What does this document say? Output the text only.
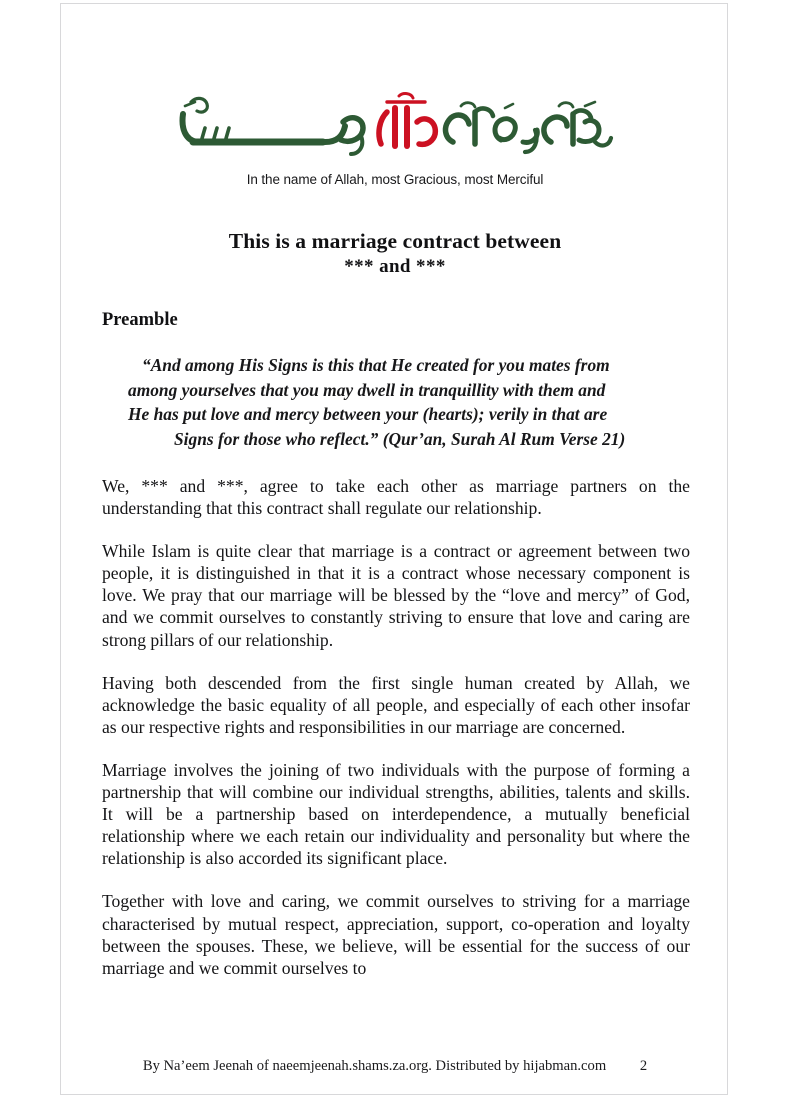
In the name of Allah, most Gracious, most Merciful
This is a marriage contract between
*** and ***
Preamble
“And among His Signs is this that He created for you mates from
among yourselves that you may dwell in tranquillity with them and
He has put love and mercy between your (hearts); verily in that are
Signs for those who reflect.” (Qur’an, Surah Al Rum Verse 21)

We, *** and ***, agree to take each other as marriage partners on the understanding that this contract shall regulate our relationship.

While Islam is quite clear that marriage is a contract or agreement between two people, it is distinguished in that it is a contract whose necessary component is love. We pray that our marriage will be blessed by the “love and mercy” of God, and we commit ourselves to constantly striving to ensure that love and caring are strong pillars of our relationship.

Having both descended from the first single human created by Allah, we acknowledge the basic equality of all people, and especially of each other insofar as our respective rights and responsibilities in our marriage are concerned.

Marriage involves the joining of two individuals with the purpose of forming a partnership that will combine our individual strengths, abilities, talents and skills. It will be a partnership based on interdependence, a mutually beneficial relationship where we each retain our individuality and personality but where the relationship is also accorded its significant place.

Together with love and caring, we commit ourselves to striving for a marriage characterised by mutual respect, appreciation, support, co-operation and loyalty between the spouses. These, we believe, will be essential for the success of our marriage and we commit ourselves to

By Na’eem Jeenah of naeemjeenah.shams.za.org. Distributed by hijabman.com 2
